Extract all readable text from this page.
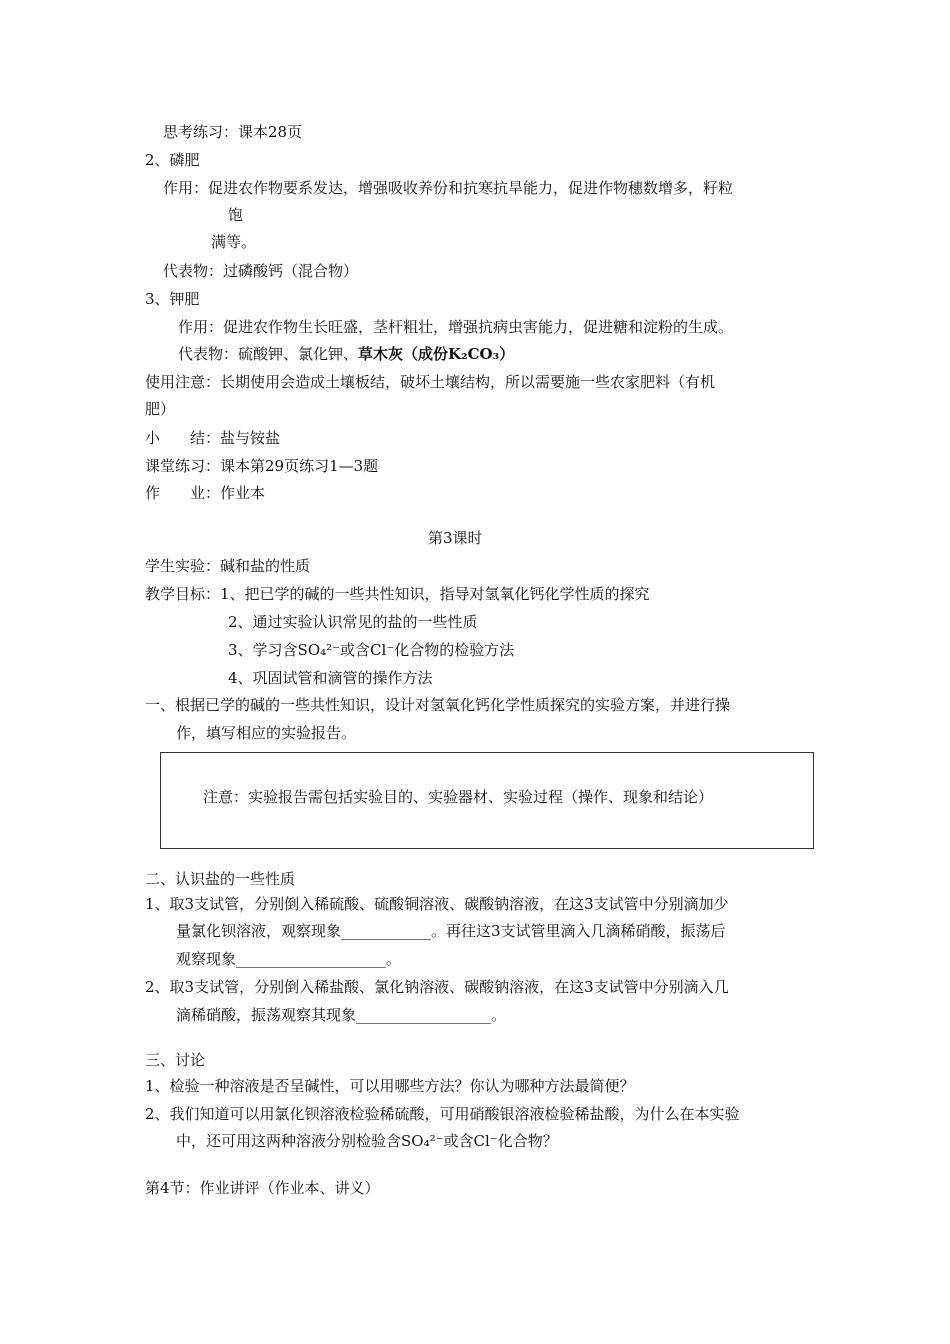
思考练习：课本28页
2、磷肥
作用：促进农作物要系发达，增强吸收养份和抗寒抗旱能力，促进作物穗数增多，籽粒
饱
满等。
代表物：过磷酸钙（混合物）
3、钾肥
作用：促进农作物生长旺盛，茎杆粗壮，增强抗病虫害能力，促进糖和淀粉的生成。
代表物：硫酸钾、氯化钾、草木灰（成份K₂CO₃）
使用注意：长期使用会造成土壤板结，破坏土壤结构，所以需要施一些农家肥料（有机
肥）
小　　结：盐与铵盐
课堂练习：课本第29页练习1—3题
作　　业：作业本
第3课时
学生实验：碱和盐的性质
教学目标：1、把已学的碱的一些共性知识，指导对氢氧化钙化学性质的探究
2、通过实验认识常见的盐的一些性质
3、学习含SO₄²⁻或含Cl⁻化合物的检验方法
4、巩固试管和滴管的操作方法
一、根据已学的碱的一些共性知识，设计对氢氧化钙化学性质探究的实验方案，并进行操
作，填写相应的实验报告。
注意：实验报告需包括实验目的、实验器材、实验过程（操作、现象和结论）
二、认识盐的一些性质
1、取3支试管，分别倒入稀硫酸、硫酸铜溶液、碳酸钠溶液，在这3支试管中分别滴加少
量氯化钡溶液，观察现象____________。再往这3支试管里滴入几滴稀硝酸，振荡后
观察现象____________________。
2、取3支试管，分别倒入稀盐酸、氯化钠溶液、碳酸钠溶液，在这3支试管中分别滴入几
滴稀硝酸，振荡观察其现象__________________。
三、讨论
1、检验一种溶液是否呈碱性，可以用哪些方法？你认为哪种方法最简便？
2、我们知道可以用氯化钡溶液检验稀硫酸，可用硝酸银溶液检验稀盐酸，为什么在本实验
中，还可用这两种溶液分别检验含SO₄²⁻或含Cl⁻化合物？
第4节：作业讲评（作业本、讲义）
